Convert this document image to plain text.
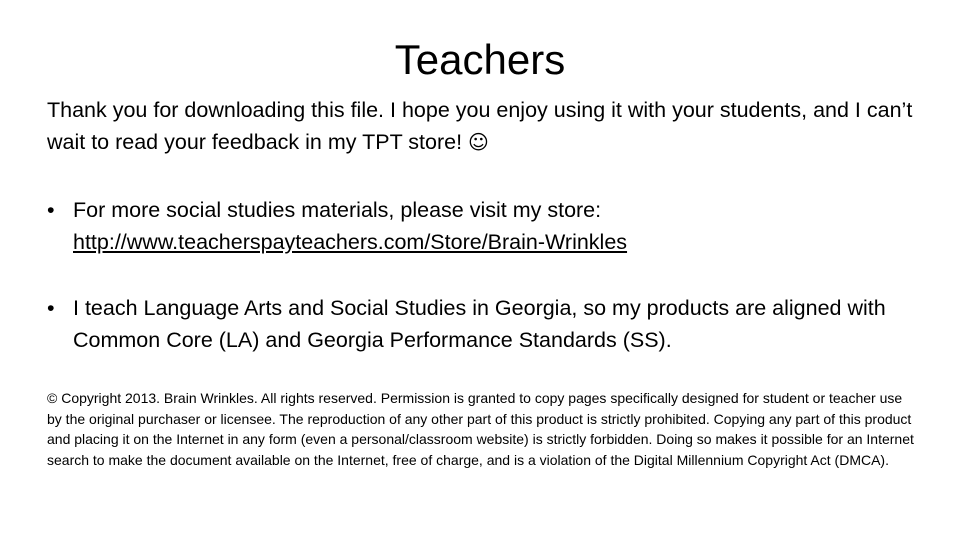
Teachers
Thank you for downloading this file. I hope you enjoy using it with your students, and I can’t wait to read your feedback in my TPT store! ☺
• For more social studies materials, please visit my store:
http://www.teacherspayteachers.com/Store/Brain-Wrinkles
• I teach Language Arts and Social Studies in Georgia, so my products are aligned with Common Core (LA) and Georgia Performance Standards (SS).
© Copyright 2013. Brain Wrinkles. All rights reserved. Permission is granted to copy pages specifically designed for student or teacher use by the original purchaser or licensee. The reproduction of any other part of this product is strictly prohibited. Copying any part of this product and placing it on the Internet in any form (even a personal/classroom website) is strictly forbidden. Doing so makes it possible for an Internet search to make the document available on the Internet, free of charge, and is a violation of the Digital Millennium Copyright Act (DMCA).
